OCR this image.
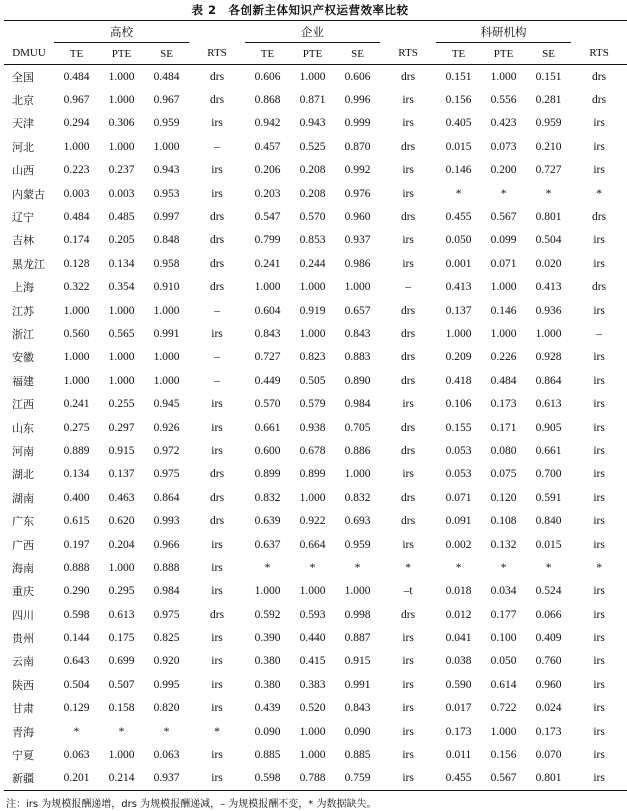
表 2　各创新主体知识产权运营效率比较
	高校				企业				科研机构			
DMUU	TE	PTE	SE	RTS	TE	PTE	SE	RTS	TE	PTE	SE	RTS
全国	0.484	1.000	0.484	drs	0.606	1.000	0.606	drs	0.151	1.000	0.151	drs
北京	0.967	1.000	0.967	drs	0.868	0.871	0.996	irs	0.156	0.556	0.281	drs
天津	0.294	0.306	0.959	irs	0.942	0.943	0.999	irs	0.405	0.423	0.959	irs
河北	1.000	1.000	1.000	–	0.457	0.525	0.870	drs	0.015	0.073	0.210	irs
山西	0.223	0.237	0.943	irs	0.206	0.208	0.992	irs	0.146	0.200	0.727	irs
内蒙古	0.003	0.003	0.953	irs	0.203	0.208	0.976	irs	*	*	*	*
辽宁	0.484	0.485	0.997	drs	0.547	0.570	0.960	drs	0.455	0.567	0.801	drs
吉林	0.174	0.205	0.848	drs	0.799	0.853	0.937	irs	0.050	0.099	0.504	irs
黑龙江	0.128	0.134	0.958	drs	0.241	0.244	0.986	irs	0.001	0.071	0.020	irs
上海	0.322	0.354	0.910	drs	1.000	1.000	1.000	–	0.413	1.000	0.413	drs
江苏	1.000	1.000	1.000	–	0.604	0.919	0.657	drs	0.137	0.146	0.936	irs
浙江	0.560	0.565	0.991	irs	0.843	1.000	0.843	drs	1.000	1.000	1.000	–
安徽	1.000	1.000	1.000	–	0.727	0.823	0.883	drs	0.209	0.226	0.928	irs
福建	1.000	1.000	1.000	–	0.449	0.505	0.890	drs	0.418	0.484	0.864	irs
江西	0.241	0.255	0.945	irs	0.570	0.579	0.984	irs	0.106	0.173	0.613	irs
山东	0.275	0.297	0.926	irs	0.661	0.938	0.705	drs	0.155	0.171	0.905	irs
河南	0.889	0.915	0.972	irs	0.600	0.678	0.886	drs	0.053	0.080	0.661	irs
湖北	0.134	0.137	0.975	drs	0.899	0.899	1.000	irs	0.053	0.075	0.700	irs
湖南	0.400	0.463	0.864	drs	0.832	1.000	0.832	drs	0.071	0.120	0.591	irs
广东	0.615	0.620	0.993	drs	0.639	0.922	0.693	drs	0.091	0.108	0.840	irs
广西	0.197	0.204	0.966	irs	0.637	0.664	0.959	irs	0.002	0.132	0.015	irs
海南	0.888	1.000	0.888	irs	*	*	*	*	*	*	*	*
重庆	0.290	0.295	0.984	irs	1.000	1.000	1.000	–t	0.018	0.034	0.524	irs
四川	0.598	0.613	0.975	drs	0.592	0.593	0.998	drs	0.012	0.177	0.066	irs
贵州	0.144	0.175	0.825	irs	0.390	0.440	0.887	irs	0.041	0.100	0.409	irs
云南	0.643	0.699	0.920	irs	0.380	0.415	0.915	irs	0.038	0.050	0.760	irs
陕西	0.504	0.507	0.995	irs	0.380	0.383	0.991	irs	0.590	0.614	0.960	irs
甘肃	0.129	0.158	0.820	irs	0.439	0.520	0.843	irs	0.017	0.722	0.024	irs
青海	*	*	*	*	0.090	1.000	0.090	irs	0.173	1.000	0.173	irs
宁夏	0.063	1.000	0.063	irs	0.885	1.000	0.885	irs	0.011	0.156	0.070	irs
新疆	0.201	0.214	0.937	irs	0.598	0.788	0.759	irs	0.455	0.567	0.801	irs
注：irs 为规模报酬递增，drs 为规模报酬递减，– 为规模报酬不变，* 为数据缺失。
